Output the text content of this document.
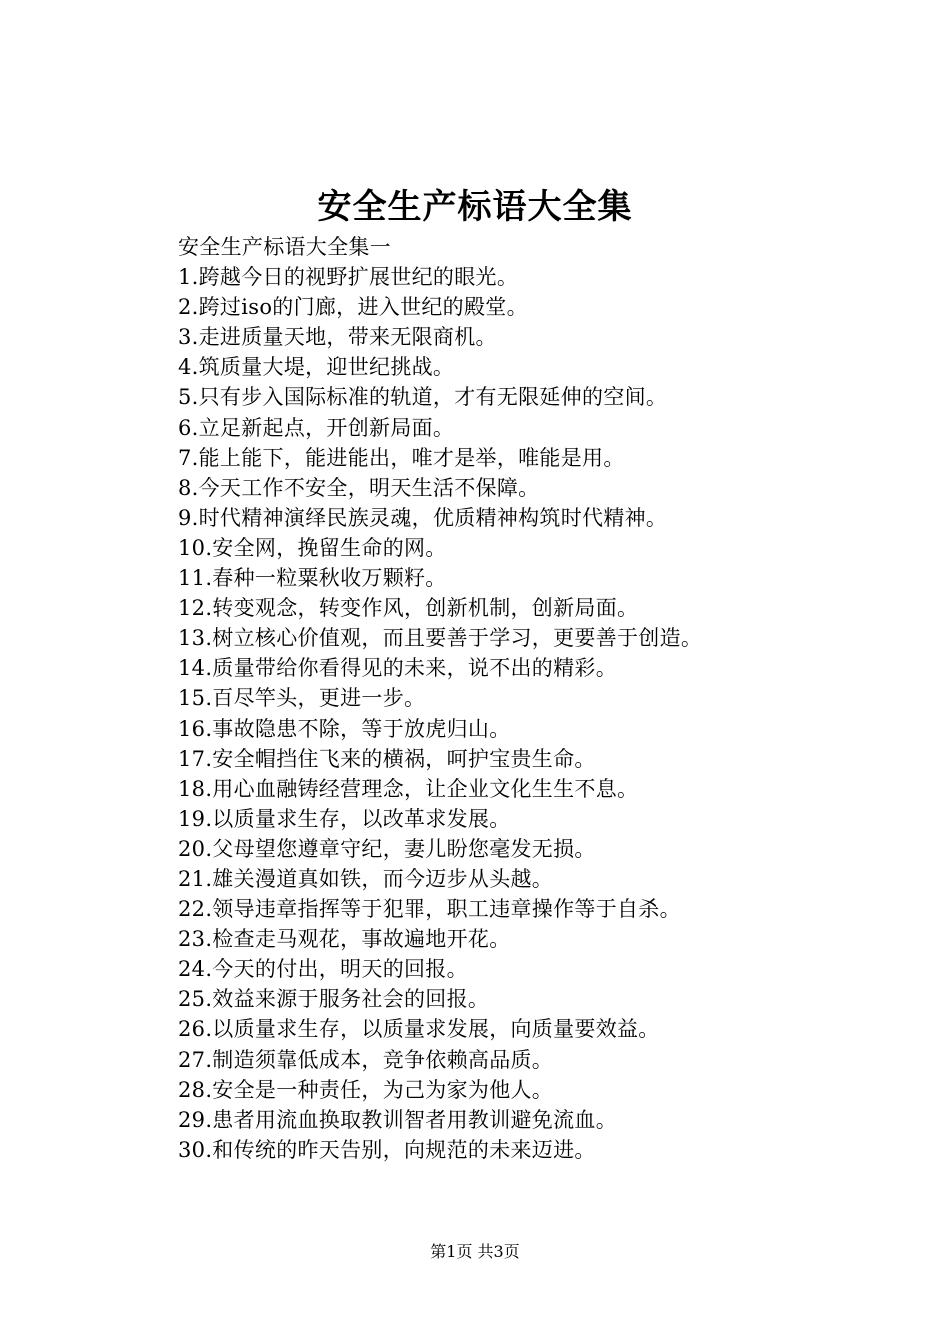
安全生产标语大全集
安全生产标语大全集一
1.跨越今日的视野扩展世纪的眼光。
2.跨过iso的门廊，进入世纪的殿堂。
3.走进质量天地，带来无限商机。
4.筑质量大堤，迎世纪挑战。
5.只有步入国际标准的轨道，才有无限延伸的空间。
6.立足新起点，开创新局面。
7.能上能下，能进能出，唯才是举，唯能是用。
8.今天工作不安全，明天生活不保障。
9.时代精神演绎民族灵魂，优质精神构筑时代精神。
10.安全网，挽留生命的网。
11.春种一粒粟秋收万颗籽。
12.转变观念，转变作风，创新机制，创新局面。
13.树立核心价值观，而且要善于学习，更要善于创造。
14.质量带给你看得见的未来，说不出的精彩。
15.百尽竿头，更进一步。
16.事故隐患不除，等于放虎归山。
17.安全帽挡住飞来的横祸，呵护宝贵生命。
18.用心血融铸经营理念，让企业文化生生不息。
19.以质量求生存，以改革求发展。
20.父母望您遵章守纪，妻儿盼您毫发无损。
21.雄关漫道真如铁，而今迈步从头越。
22.领导违章指挥等于犯罪，职工违章操作等于自杀。
23.检查走马观花，事故遍地开花。
24.今天的付出，明天的回报。
25.效益来源于服务社会的回报。
26.以质量求生存，以质量求发展，向质量要效益。
27.制造须靠低成本，竞争依赖高品质。
28.安全是一种责任，为己为家为他人。
29.患者用流血换取教训智者用教训避免流血。
30.和传统的昨天告别，向规范的未来迈进。
第1页 共3页
